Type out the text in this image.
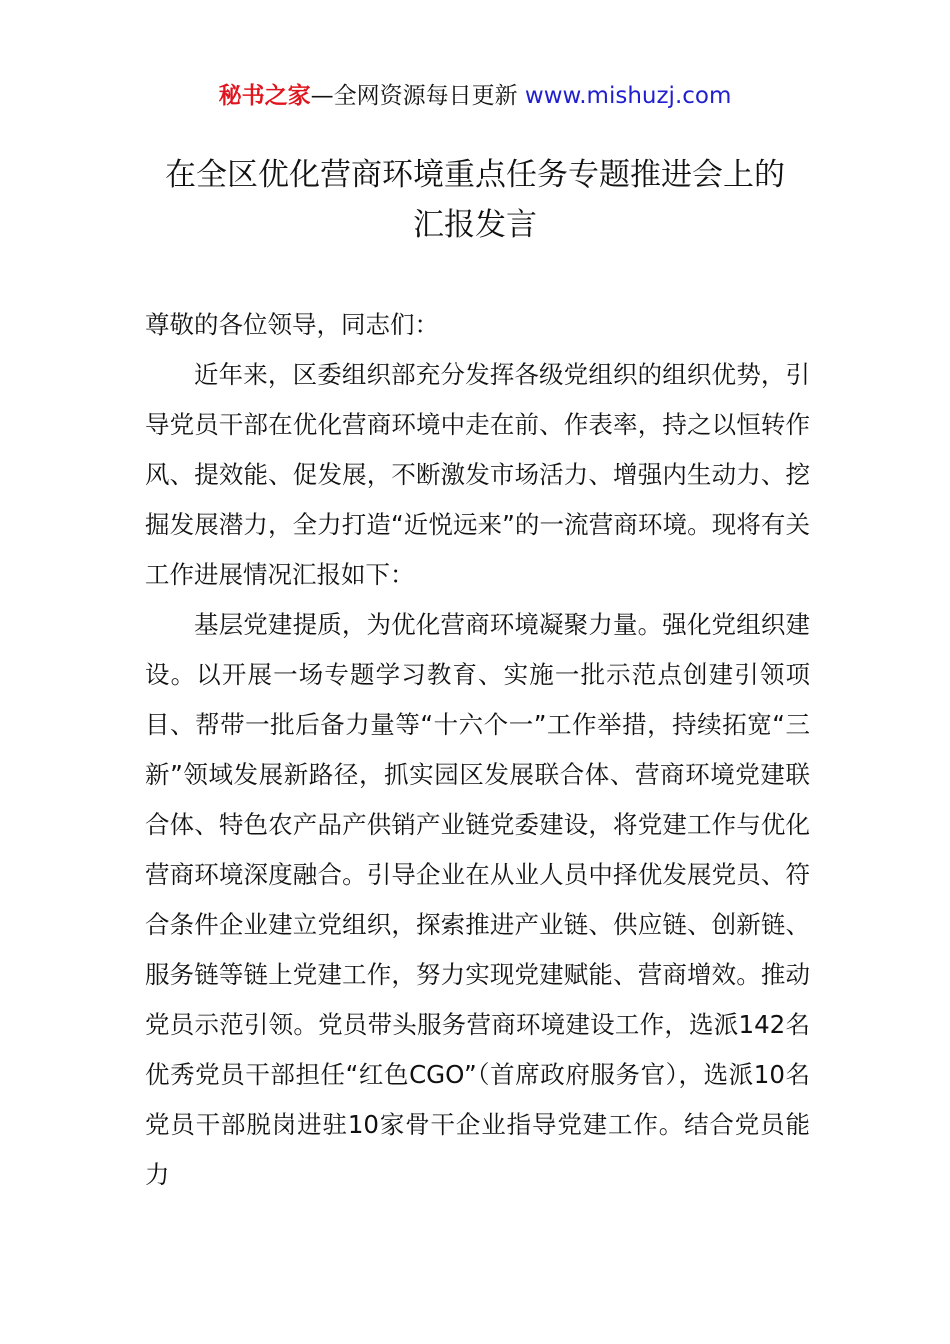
秘书之家—全网资源每日更新 www.mishuzj.com
在全区优化营商环境重点任务专题推进会上的
汇报发言

尊敬的各位领导，同志们：

近年来，区委组织部充分发挥各级党组织的组织优势，引导党员干部在优化营商环境中走在前、作表率，持之以恒转作风、提效能、促发展，不断激发市场活力、增强内生动力、挖掘发展潜力，全力打造“近悦远来”的一流营商环境。现将有关工作进展情况汇报如下：

基层党建提质，为优化营商环境凝聚力量。强化党组织建设。以开展一场专题学习教育、实施一批示范点创建引领项目、帮带一批后备力量等“十六个一”工作举措，持续拓宽“三新”领域发展新路径，抓实园区发展联合体、营商环境党建联合体、特色农产品产供销产业链党委建设，将党建工作与优化营商环境深度融合。引导企业在从业人员中择优发展党员、符合条件企业建立党组织，探索推进产业链、供应链、创新链、服务链等链上党建工作，努力实现党建赋能、营商增效。推动党员示范引领。党员带头服务营商环境建设工作，选派142名优秀党员干部担任“红色CGO”（首席政府服务官），选派10名党员干部脱岗进驻10家骨干企业指导党建工作。结合党员能力
